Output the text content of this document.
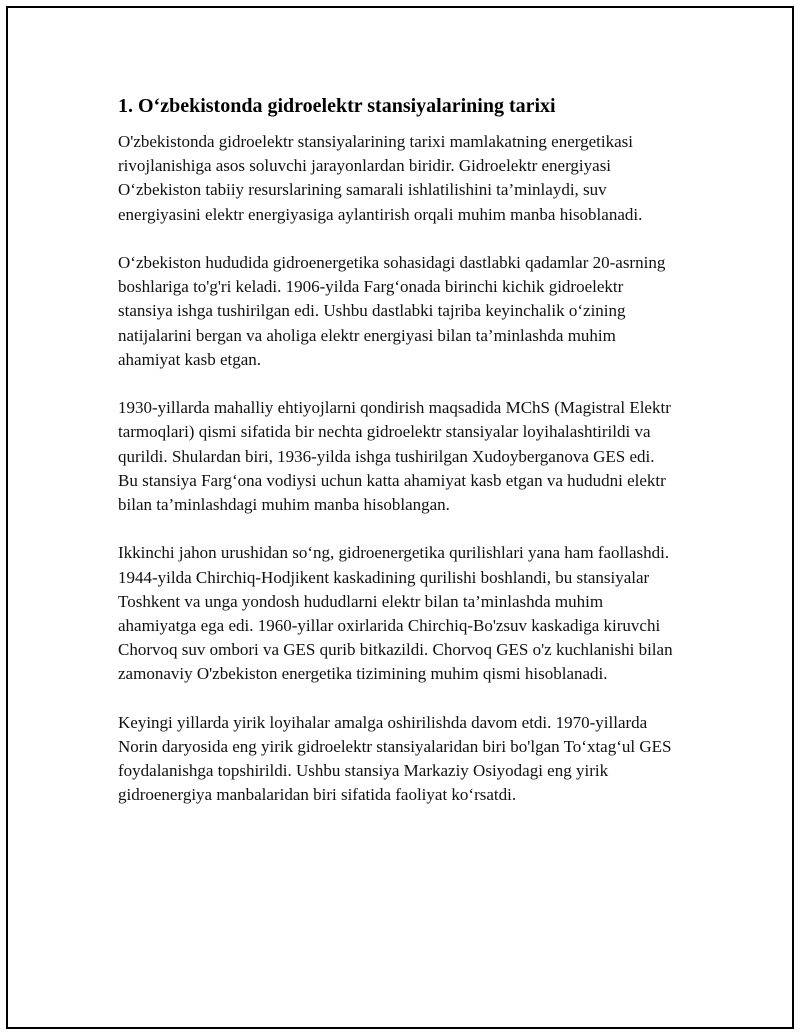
1. O‘zbekistonda gidroelektr stansiyalarining tarixi

O'zbekistonda gidroelektr stansiyalarining tarixi mamlakatning energetikasi rivojlanishiga asos soluvchi jarayonlardan biridir. Gidroelektr energiyasi O‘zbekiston tabiiy resurslarining samarali ishlatilishini ta’minlaydi, suv energiyasini elektr energiyasiga aylantirish orqali muhim manba hisoblanadi.

O‘zbekiston hududida gidroenergetika sohasidagi dastlabki qadamlar 20-asrning boshlariga to'g'ri keladi. 1906-yilda Farg‘onada birinchi kichik gidroelektr stansiya ishga tushirilgan edi. Ushbu dastlabki tajriba keyinchalik o‘zining natijalarini bergan va aholiga elektr energiyasi bilan ta’minlashda muhim ahamiyat kasb etgan.

1930-yillarda mahalliy ehtiyojlarni qondirish maqsadida MChS (Magistral Elektr tarmoqlari) qismi sifatida bir nechta gidroelektr stansiyalar loyihalashtirildi va qurildi. Shulardan biri, 1936-yilda ishga tushirilgan Xudoyberganova GES edi. Bu stansiya Farg‘ona vodiysi uchun katta ahamiyat kasb etgan va hududni elektr bilan ta’minlashdagi muhim manba hisoblangan.

Ikkinchi jahon urushidan so‘ng, gidroenergetika qurilishlari yana ham faollashdi. 1944-yilda Chirchiq-Hodjikent kaskadining qurilishi boshlandi, bu stansiyalar Toshkent va unga yondosh hududlarni elektr bilan ta’minlashda muhim ahamiyatga ega edi. 1960-yillar oxirlarida Chirchiq-Bo'zsuv kaskadiga kiruvchi Chorvoq suv ombori va GES qurib bitkazildi. Chorvoq GES o'z kuchlanishi bilan zamonaviy O'zbekiston energetika tizimining muhim qismi hisoblanadi.

Keyingi yillarda yirik loyihalar amalga oshirilishda davom etdi. 1970-yillarda Norin daryosida eng yirik gidroelektr stansiyalaridan biri bo'lgan To‘xtag‘ul GES foydalanishga topshirildi. Ushbu stansiya Markaziy Osiyodagi eng yirik gidroenergiya manbalaridan biri sifatida faoliyat ko‘rsatdi.
